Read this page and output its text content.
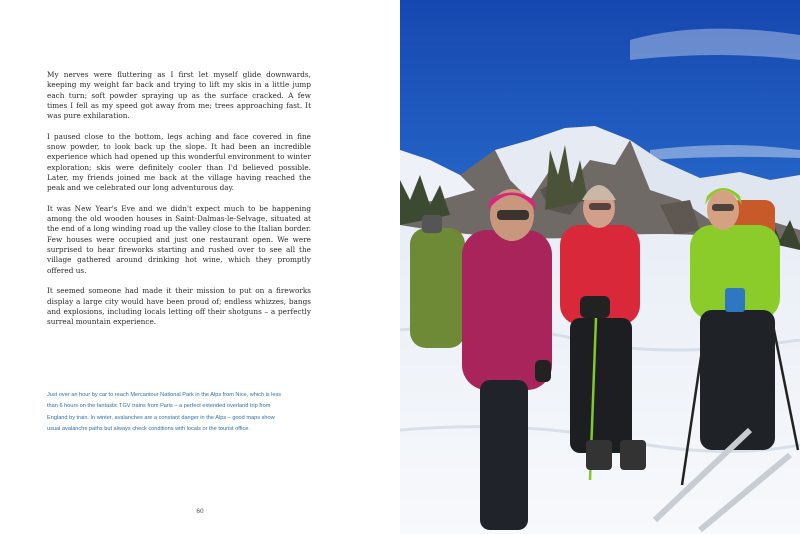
My nerves were fluttering as I first let myself glide downwards, keeping my weight far back and trying to lift my skis in a little jump each turn; soft powder spraying up as the surface cracked. A few times I fell as my speed got away from me; trees approaching fast. It was pure exhilaration.

I paused close to the bottom, legs aching and face covered in fine snow powder, to look back up the slope. It had been an incredible experience which had opened up this wonderful environment to winter exploration; skis were definitely cooler than I'd believed possible. Later, my friends joined me back at the village having reached the peak and we celebrated our long adventurous day.

It was New Year's Eve and we didn't expect much to be happening among the old wooden houses in Saint-Dalmas-le-Selvage, situated at the end of a long winding road up the valley close to the Italian border. Few houses were occupied and just one restaurant open. We were surprised to hear fireworks starting and rushed over to see all the village gathered around drinking hot wine, which they promptly offered us.

It seemed someone had made it their mission to put on a fireworks display a large city would have been proud of; endless whizzes, bangs and explosions, including locals letting off their shotguns – a perfectly surreal mountain experience.

Just over an hour by car to reach Mercantour National Park in the Alps from Nice, which is less than 6 hours on the fantastic TGV trains from Paris – a perfect extended overland trip from England by train. In winter, avalanches are a constant danger in the Alps – good maps show usual avalanche paths but always check conditions with locals or the tourist office.
60
